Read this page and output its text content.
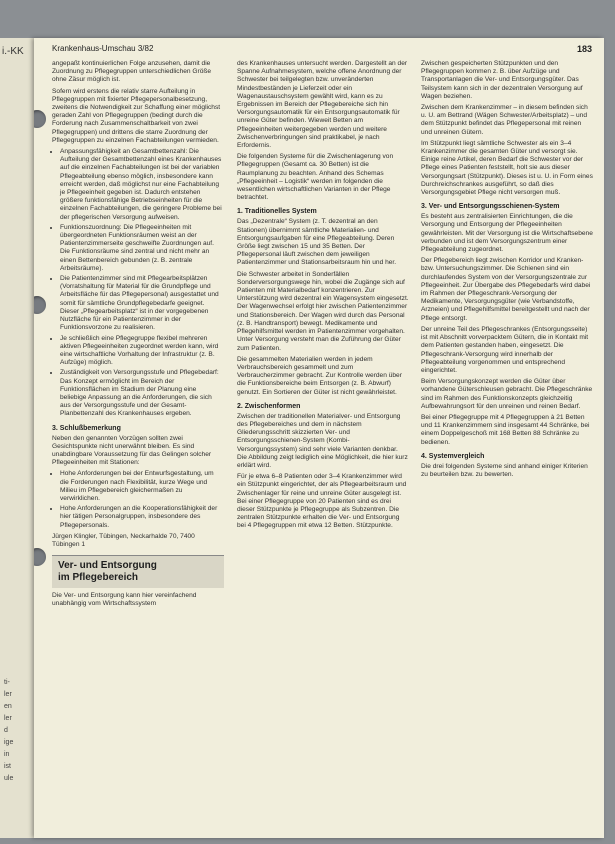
i.-KK
ti-
ler
en
ler
d
ige
in
ist
ule
Krankenhaus-Umschau 3/82	183

angepaßt kontinuierlichen Folge anzusehen, damit die Zuordnung zu Pflegegruppen unterschiedlichen Größe ohne Zäsur möglich ist.

Sofern wird erstens die relativ starre Aufteilung in Pflegegruppen mit fixierter Pflegepersonalbesetzung, zweitens die Notwendigkeit zur Schaffung einer möglichst geraden Zahl von Pflegegruppen (bedingt durch die Forderung nach Zusammenschaltbarkeit von zwei Pflegegruppen) und drittens die starre Zuordnung der Pflegegruppen zu einzelnen Fachabteilungen vermieden.

• Anpassungsfähigkeit an Gesamtbettenzahl: Die Aufteilung der Gesamtbettenzahl eines Krankenhauses auf die einzelnen Fachabteilungen ist bei der variablen Pflegeabteilung ebenso möglich, insbesondere kann erreicht werden, daß möglichst nur eine Fachabteilung je Pflegeeinheit gegeben ist. Dadurch entstehen größere funktionsfähige Betriebseinheiten für die einzelnen Fachabteilungen, die geringere Probleme bei der pflegerischen Versorgung aufweisen.
• Funktionszuordnung: Die Pflegeeinheiten mit übergeordneten Funktionsräumen weist an der Patientenzimmerseite geschweifte Zuordnungen auf. Die Funktionsräume sind zentral und nicht mehr an einen Bettenbereich gebunden (z. B. zentrale Arbeitsräume).
• Die Patientenzimmer sind mit Pflegearbeitsplätzen (Vorratshaltung für Material für die Grundpflege und Arbeitsfläche für das Pflegepersonal) ausgestattet und somit für sämtliche Grundpflegebedarfe geeignet. Dieser „Pflegearbeitsplatz“ ist in der vorgegebenen Nutzfläche für ein Patientenzimmer in der Funktionsvorzone zu realisieren.
• Je schließlich eine Pflegegruppe flexibel mehreren aktiven Pflegeeinheiten zugeordnet werden kann, wird eine wirtschaftliche Vorhaltung der Infrastruktur (z. B. Aufzüge) möglich.
• Zuständigkeit von Versorgungsstufe und Pflegebedarf: Das Konzept ermöglicht im Bereich der Funktionsflächen im Stadium der Planung eine beliebige Anpassung an die Anforderungen, die sich aus der Versorgungsstufe und der Gesamt-Planbettenzahl des Krankenhauses ergeben.
3. Schlußbemerkung

Neben den genannten Vorzügen sollten zwei Gesichtspunkte nicht unerwähnt bleiben. Es sind unabdingbare Voraussetzung für das Gelingen solcher Pflegeeinheiten mit Stationen:

• Hohe Anforderungen bei der Entwurfsgestaltung, um die Forderungen nach Flexibilität, kurze Wege und Milieu im Pflegebereich gleichermaßen zu verwirklichen.
• Hohe Anforderungen an die Kooperationsfähigkeit der hier tätigen Personalgruppen, insbesondere des Pflegepersonals.

Jürgen Klingler, Tübingen, Neckarhalde 70, 7400 Tübingen 1

Ver- und Entsorgung
im Pflegebereich

Die Ver- und Entsorgung kann hier vereinfachend unabhängig vom Wirtschaftssystem

des Krankenhauses untersucht werden. Dargestellt an der Spanne Aufnahmesystem, welche offene Anordnung der Schwester bei teilgelegten bzw. unveränderten Mindestbeständen je Lieferzeit oder ein Wagenaustauschsystem gewählt wird, kann es zu Ergebnissen im Bereich der Pflegebereiche sich hin Versorgungsautomatik für ein Entsorgungsautomatik für unreine Güter befinden. Wieweit Betten am Pflegeeinheiten weitergegeben werden und weitere Zwischenverbringungen sind praktikabel, je nach Erfordernis.

Die folgenden Systeme für die Zwischenlagerung von Pflegegruppen (Gesamt ca. 30 Betten) ist die Raumplanung zu beachten. Anhand des Schemas „Pflegeeinheit – Logistik“ werden im folgenden die wesentlichen wirtschaftlichen Varianten in der Pflege betrachtet.

1. Traditionelles System

Das „Dezentrale“ System (z. T. dezentral an den Stationen) übernimmt sämtliche Materialien- und Entsorgungsaufgaben für eine Pflegeabteilung. Deren Größe liegt zwischen 15 und 35 Betten. Der Pflegepersonal läuft zwischen dem jeweiligen Patientenzimmer und Stationsarbeitsraum hin und her.

Die Schwester arbeitet in Sonderfällen Sonderversorgungswege hin, wobei die Zugänge sich auf Patienten mit Materialbedarf konzentrieren. Zur Unterstützung wird dezentral ein Wagensystem eingesetzt. Der Wagenwechsel erfolgt hier zwischen Patientenzimmer und Stationsbereich. Der Wagen wird durch das Personal (z. B. Handtransport) bewegt. Medikamente und Pflegehilfsmittel werden im Patientenzimmer vorgehalten. Unter Versorgung versteht man die Zuführung der Güter zum Patienten.

Die gesammelten Materialien werden in jedem Verbrauchsbereich gesammelt und zum Verbraucherzimmer gebracht. Zur Kontrolle werden über die Funktionsbereiche beim Entsorgen (z. B. Abwurf) genutzt. Ein Sortieren der Güter ist nicht gewährleistet.

2. Zwischenformen

Zwischen der traditionellen Materialver- und Entsorgung des Pflegebereiches und dem in nächstem Gliederungsschritt skizzierten Ver- und Entsorgungsschienen-System (Kombi-Versorgungssystem) sind sehr viele Varianten denkbar. Die Abbildung zeigt lediglich eine Möglichkeit, die hier kurz erklärt wird.

Für je etwa 6–8 Patienten oder 3–4 Krankenzimmer wird ein Stützpunkt eingerichtet, der als Pflegearbeitsraum und Zwischenlager für reine und unreine Güter ausgelegt ist. Bei einer Pflegegruppe von 20 Patienten sind es drei dieser Stützpunkte je Pflegegruppe als Subzentren. Die zentralen Stützpunkte erhalten die Ver- und Entsorgung bei 4 Pflegegruppen mit etwa 12 Betten. Stützpunkte.

Zwischen gespeicherten Stützpunkten und den Pflegegruppen kommen z. B. über Aufzüge und Transportanlagen die Ver- und Entsorgungsgüter. Das Teilsystem kann sich in der dezentralen Versorgung auf Wagen beziehen.

Zwischen dem Krankenzimmer – in diesem befinden sich u. U. am Bettrand (Wägen Schwester/Arbeitsplatz) – und dem Stützpunkt befindet das Pflegepersonal mit reinen und unreinen Gütern.

Im Stützpunkt liegt sämtliche Schwester als ein 3–4 Krankenzimmer die gesamten Güter und versorgt sie. Einige reine Artikel, deren Bedarf die Schwester vor der Pflege eines Patienten feststellt, holt sie aus dieser Versorgungsart (Stützpunkt). Dieses ist u. U. in Form eines Durchreichschrankes ausgeführt, so daß dies Versorgungsgebiet Pflege nicht versorgen muß.

3. Ver- und Entsorgungsschienen-System

Es besteht aus zentralisierten Einrichtungen, die die Versorgung und Entsorgung der Pflegeeinheiten gewährleisten. Mit der Versorgung ist die Wirtschaftsebene verbunden und ist dem Versorgungszentrum einer Pflegeabteilung zugeordnet.

Der Pflegebereich liegt zwischen Korridor und Kranken- bzw. Untersuchungszimmer. Die Schienen sind ein durchlaufendes System von der Versorgungszentrale zur Pflegeeinheit. Zur Übergabe des Pflegebedarfs wird dabei im Rahmen der Pflegeschrank-Versorgung der Medikamente, Versorgungsgüter (wie Verbandstoffe, Arzneien) und Pflegehilfsmittel bereitgestellt und nach der Pflege entsorgt.

Der unreine Teil des Pflegeschrankes (Entsorgungsseite) ist mit Abschnitt vorverpacktem Gütern, die in Kontakt mit dem Patienten gestanden haben, eingesetzt. Die Pflegeschrank-Versorgung wird innerhalb der Pflegeabteilung vorgenommen und entsprechend eingerichtet.

Beim Versorgungskonzept werden die Güter über vorhandene Güterschleusen gebracht. Die Pflegeschränke sind im Rahmen des Funktionskonzepts gleichzeitig Aufbewahrungsort für den unreinen und reinen Bedarf.

Bei einer Pflegegruppe mit 4 Pflegegruppen à 21 Betten und 11 Krankenzimmern sind insgesamt 44 Schränke, bei einem Doppelgeschoß mit 168 Betten 88 Schränke zu bedienen.

4. Systemvergleich

Die drei folgenden Systeme sind anhand einiger Kriterien zu beurteilen bzw. zu bewerten.
